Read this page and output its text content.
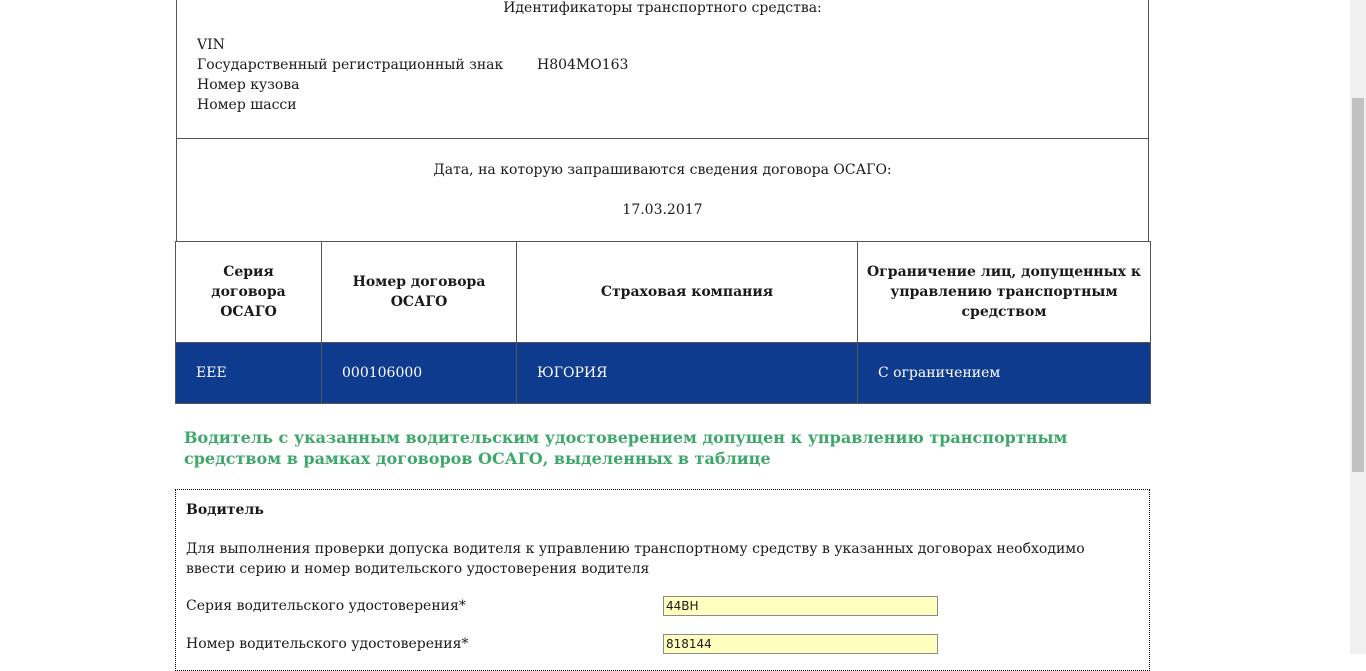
Идентификаторы транспортного средства:
VIN
Государственный регистрационный знак Н804МО163
Номер кузова
Номер шасси
Дата, на которую запрашиваются сведения договора ОСАГО:
17.03.2017
Серия договора ОСАГО	Номер договора ОСАГО	Страховая компания	Ограничение лиц, допущенных к управлению транспортным средством
ЕЕЕ	000106000	ЮГОРИЯ	С ограничением
Водитель с указанным водительским удостоверением допущен к управлению транспортным средством в рамках договоров ОСАГО, выделенных в таблице
Водитель
Для выполнения проверки допуска водителя к управлению транспортному средству в указанных договорах необходимо ввести серию и номер водительского удостоверения водителя
Серия водительского удостоверения*	44ВН
Номер водительского удостоверения*	818144
